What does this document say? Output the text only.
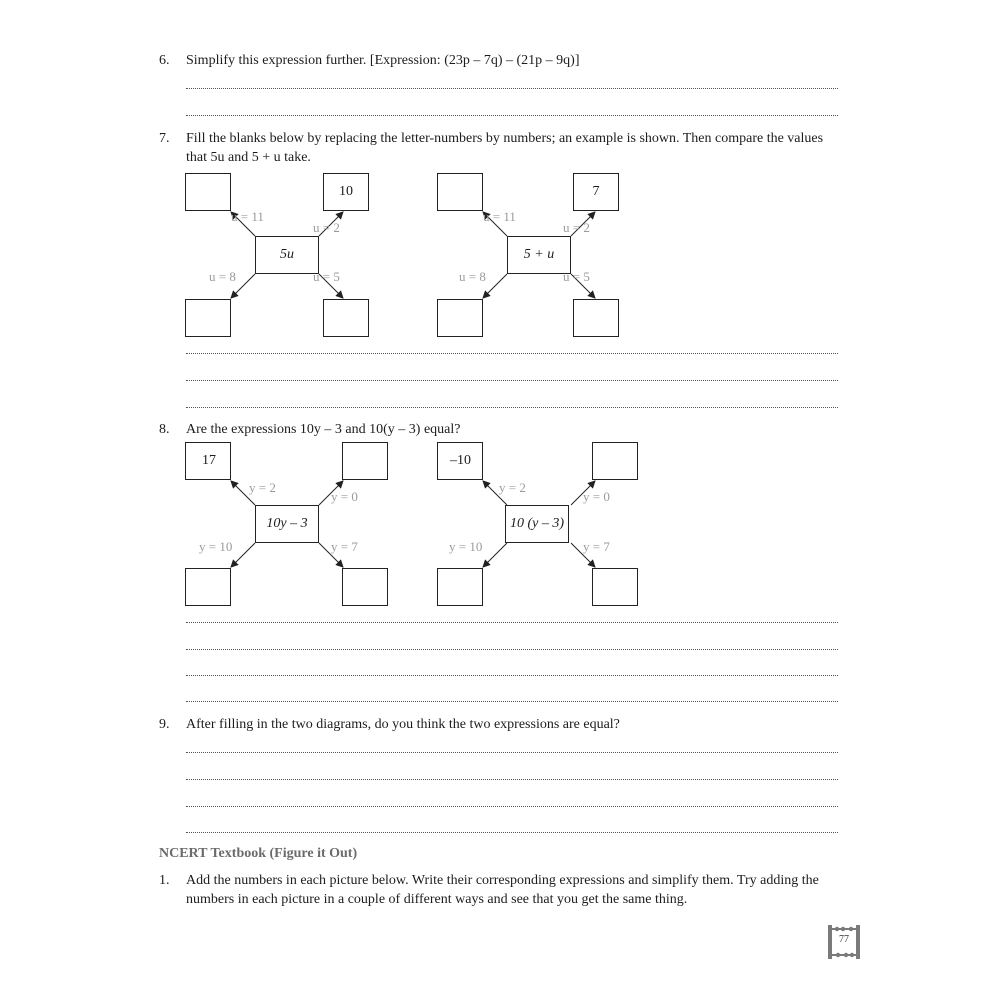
6. Simplify this expression further. [Expression: (23p – 7q) – (21p – 9q)]
7. Fill the blanks below by replacing the letter-numbers by numbers; an example is shown. Then compare the values that 5u and 5 + u take.
10
5u
u = 11
u = 2
u = 8	u = 5
7
5 + u
u = 11
u = 2
u = 8	u = 5
8. Are the expressions 10y – 3 and 10(y – 3) equal?
17
10y – 3
y = 2
y = 0
y = 10	y = 7
–10
10 (y – 3)
y = 2
y = 0
y = 10	y = 7
9. After filling in the two diagrams, do you think the two expressions are equal?
NCERT Textbook (Figure it Out)
1. Add the numbers in each picture below. Write their corresponding expressions and simplify them. Try adding the numbers in each picture in a couple of different ways and see that you get the same thing.
77
